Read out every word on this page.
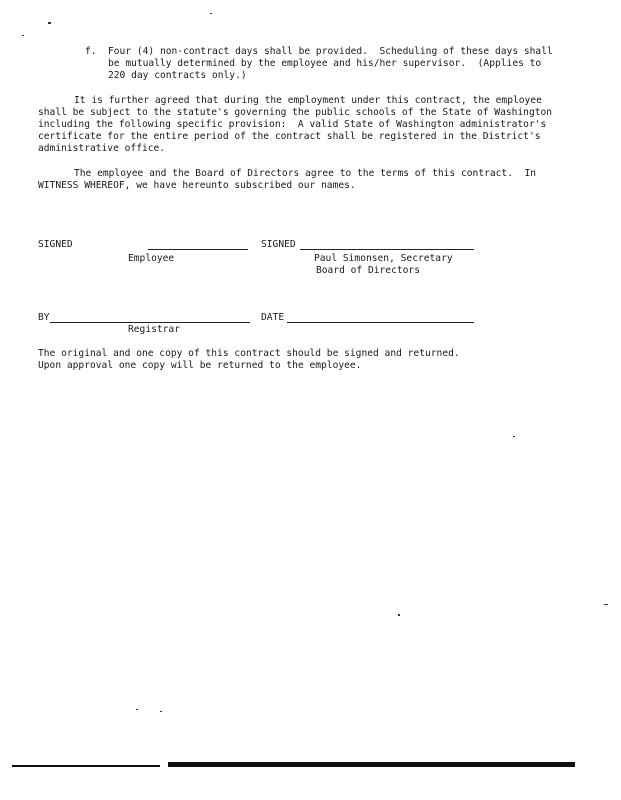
f. Four (4) non-contract days shall be provided.  Scheduling of these days shall
be mutually determined by the employee and his/her supervisor.  (Applies to
220 day contracts only.)
It is further agreed that during the employment under this contract, the employee
shall be subject to the statute's governing the public schools of the State of Washington
including the following specific provision:  A valid State of Washington administrator's
certificate for the entire period of the contract shall be registered in the District's
administrative office.
The employee and the Board of Directors agree to the terms of this contract.  In
WITNESS WHEREOF, we have hereunto subscribed our names.
SIGNED
Employee
SIGNED
Paul Simonsen, Secretary
Board of Directors
BY
Registrar
DATE
The original and one copy of this contract should be signed and returned.
Upon approval one copy will be returned to the employee.
